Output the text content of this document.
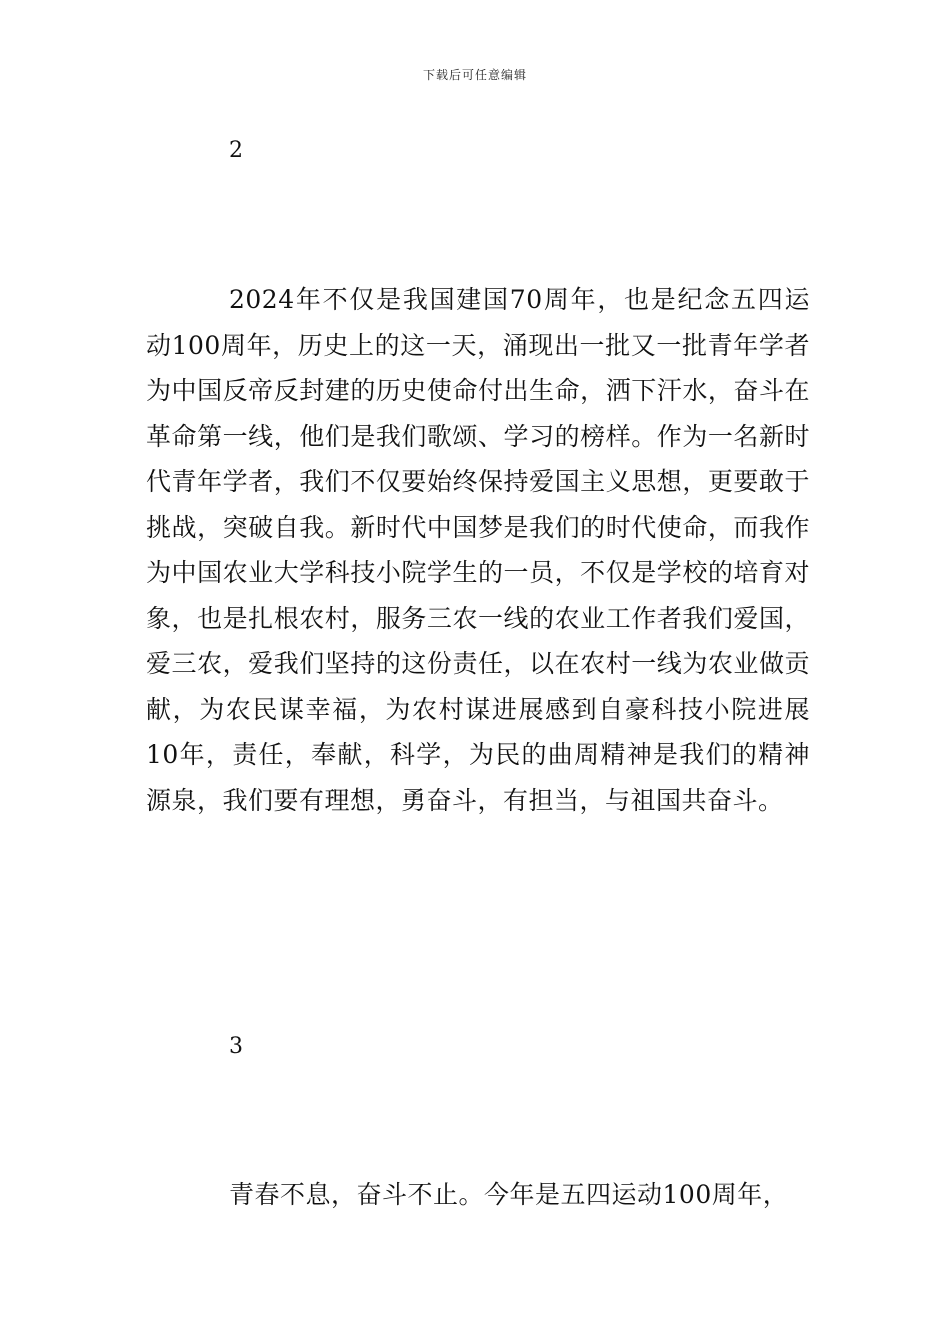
下载后可任意编辑
2

2024年不仅是我国建国70周年，也是纪念五四运动100周年，历史上的这一天，涌现出一批又一批青年学者为中国反帝反封建的历史使命付出生命，洒下汗水，奋斗在革命第一线，他们是我们歌颂、学习的榜样。作为一名新时代青年学者，我们不仅要始终保持爱国主义思想，更要敢于挑战，突破自我。新时代中国梦是我们的时代使命，而我作为中国农业大学科技小院学生的一员，不仅是学校的培育对象，也是扎根农村，服务三农一线的农业工作者我们爱国，爱三农，爱我们坚持的这份责任，以在农村一线为农业做贡献，为农民谋幸福，为农村谋进展感到自豪科技小院进展10年，责任，奉献，科学，为民的曲周精神是我们的精神源泉，我们要有理想，勇奋斗，有担当，与祖国共奋斗。

3

青春不息，奋斗不止。今年是五四运动100周年，
